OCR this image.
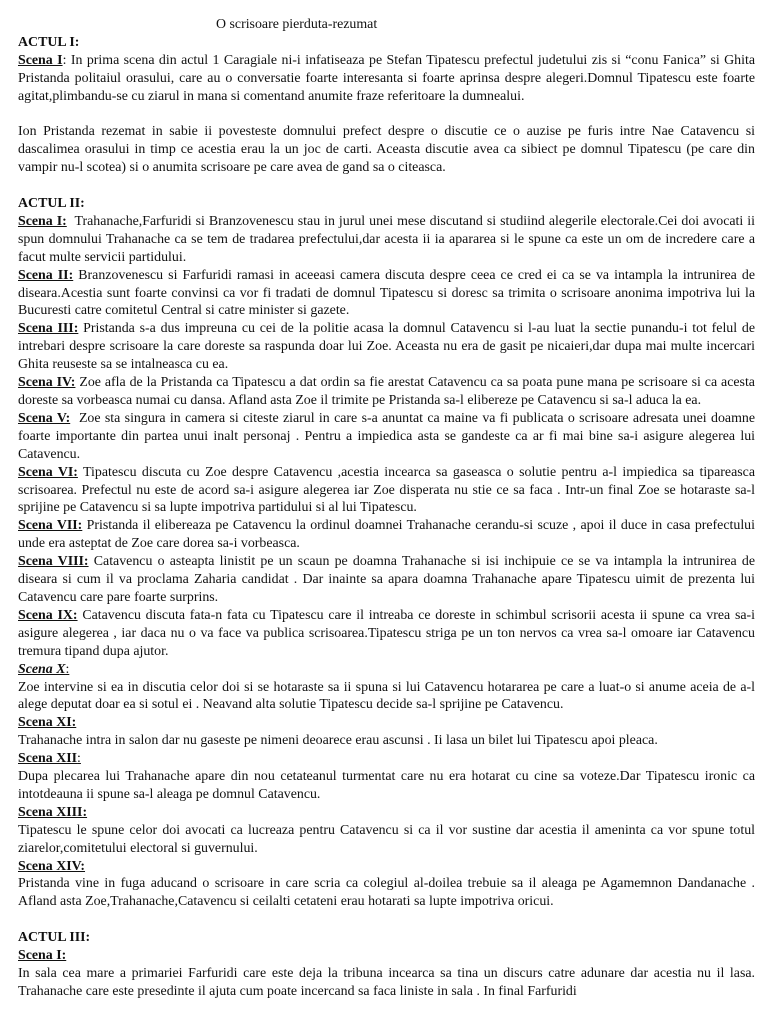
O scrisoare pierduta-rezumat

ACTUL I:

Scena I: In prima scena din actul 1 Caragiale ni-i infatiseaza pe Stefan Tipatescu prefectul judetului zis si “conu Fanica” si Ghita Pristanda politaiul orasului, care au o conversatie foarte interesanta si foarte aprinsa despre alegeri.Domnul Tipatescu este foarte agitat,plimbandu-se cu ziarul in mana si comentand anumite fraze referitoare la dumnealui.

Ion Pristanda rezemat in sabie ii povesteste domnului prefect despre o discutie ce o auzise pe furis intre Nae Catavencu si dascalimea orasului in timp ce acestia erau la un joc de carti. Aceasta discutie avea ca sibiect pe domnul Tipatescu (pe care din vampir nu-l scotea) si o anumita scrisoare pe care avea de gand sa o citeasca.

ACTUL II:

Scena I: Trahanache,Farfuridi si Branzovenescu stau in jurul unei mese discutand si studiind alegerile electorale.Cei doi avocati ii spun domnului Trahanache ca se tem de tradarea prefectului,dar acesta ii ia apararea si le spune ca este un om de incredere care a facut multe servicii partidului.

Scena II: Branzovenescu si Farfuridi ramasi in aceeasi camera discuta despre ceea ce cred ei ca se va intampla la intrunirea de diseara.Acestia sunt foarte convinsi ca vor fi tradati de domnul Tipatescu si doresc sa trimita o scrisoare anonima impotriva lui la Bucuresti catre comitetul Central si catre minister si gazete.

Scena III: Pristanda s-a dus impreuna cu cei de la politie acasa la domnul Catavencu si l-au luat la sectie punandu-i tot felul de intrebari despre scrisoare la care doreste sa raspunda doar lui Zoe. Aceasta nu era de gasit pe nicaieri,dar dupa mai multe incercari Ghita reuseste sa se intalneasca cu ea.

Scena IV: Zoe afla de la Pristanda ca Tipatescu a dat ordin sa fie arestat Catavencu ca sa poata pune mana pe scrisoare si ca acesta doreste sa vorbeasca numai cu dansa. Afland asta Zoe il trimite pe Pristanda sa-l elibereze pe Catavencu si sa-l aduca la ea.

Scena V: Zoe sta singura in camera si citeste ziarul in care s-a anuntat ca maine va fi publicata o scrisoare adresata unei doamne foarte importante din partea unui inalt personaj . Pentru a impiedica asta se gandeste ca ar fi mai bine sa-i asigure alegerea lui Catavencu.

Scena VI: Tipatescu discuta cu Zoe despre Catavencu ,acestia incearca sa gaseasca o solutie pentru a-l impiedica sa tipareasca scrisoarea. Prefectul nu este de acord sa-i asigure alegerea iar Zoe disperata nu stie ce sa faca . Intr-un final Zoe se hotaraste sa-l sprijine pe Catavencu si sa lupte impotriva partidului si al lui Tipatescu.

Scena VII: Pristanda il elibereaza pe Catavencu la ordinul doamnei Trahanache cerandu-si scuze , apoi il duce in casa prefectului unde era asteptat de Zoe care dorea sa-i vorbeasca.

Scena VIII: Catavencu o asteapta linistit pe un scaun pe doamna Trahanache si isi inchipuie ce se va intampla la intrunirea de diseara si cum il va proclama Zaharia candidat . Dar inainte sa apara doamna Trahanache apare Tipatescu uimit de prezenta lui Catavencu care pare foarte surprins.

Scena IX: Catavencu discuta fata-n fata cu Tipatescu care il intreaba ce doreste in schimbul scrisorii acesta ii spune ca vrea sa-i asigure alegerea , iar daca nu o va face va publica scrisoarea.Tipatescu striga pe un ton nervos ca vrea sa-l omoare iar Catavencu tremura tipand dupa ajutor.

Scena X:

Zoe intervine si ea in discutia celor doi si se hotaraste sa ii spuna si lui Catavencu hotararea pe care a luat-o si anume aceia de a-l alege deputat doar ea si sotul ei . Neavand alta solutie Tipatescu decide sa-l sprijine pe Catavencu.

Scena XI:

Trahanache intra in salon dar nu gaseste pe nimeni deoarece erau ascunsi . Ii lasa un bilet lui Tipatescu apoi pleaca.

Scena XII:

Dupa plecarea lui Trahanache apare din nou cetateanul turmentat care nu era hotarat cu cine sa voteze.Dar Tipatescu ironic ca intotdeauna ii spune sa-l aleaga pe domnul Catavencu.

Scena XIII:

Tipatescu le spune celor doi avocati ca lucreaza pentru Catavencu si ca il vor sustine dar acestia il ameninta ca vor spune totul ziarelor,comitetului electoral si guvernului.

Scena XIV:

Pristanda vine in fuga aducand o scrisoare in care scria ca colegiul al-doilea trebuie sa il aleaga pe Agamemnon Dandanache . Afland asta Zoe,Trahanache,Catavencu si ceilalti cetateni erau hotarati sa lupte impotriva oricui.

ACTUL III:

Scena I:

In sala cea mare a primariei Farfuridi care este deja la tribuna incearca sa tina un discurs catre adunare dar acestia nu il lasa. Trahanache care este presedinte il ajuta cum poate incercand sa faca liniste in sala . In final Farfuridi
